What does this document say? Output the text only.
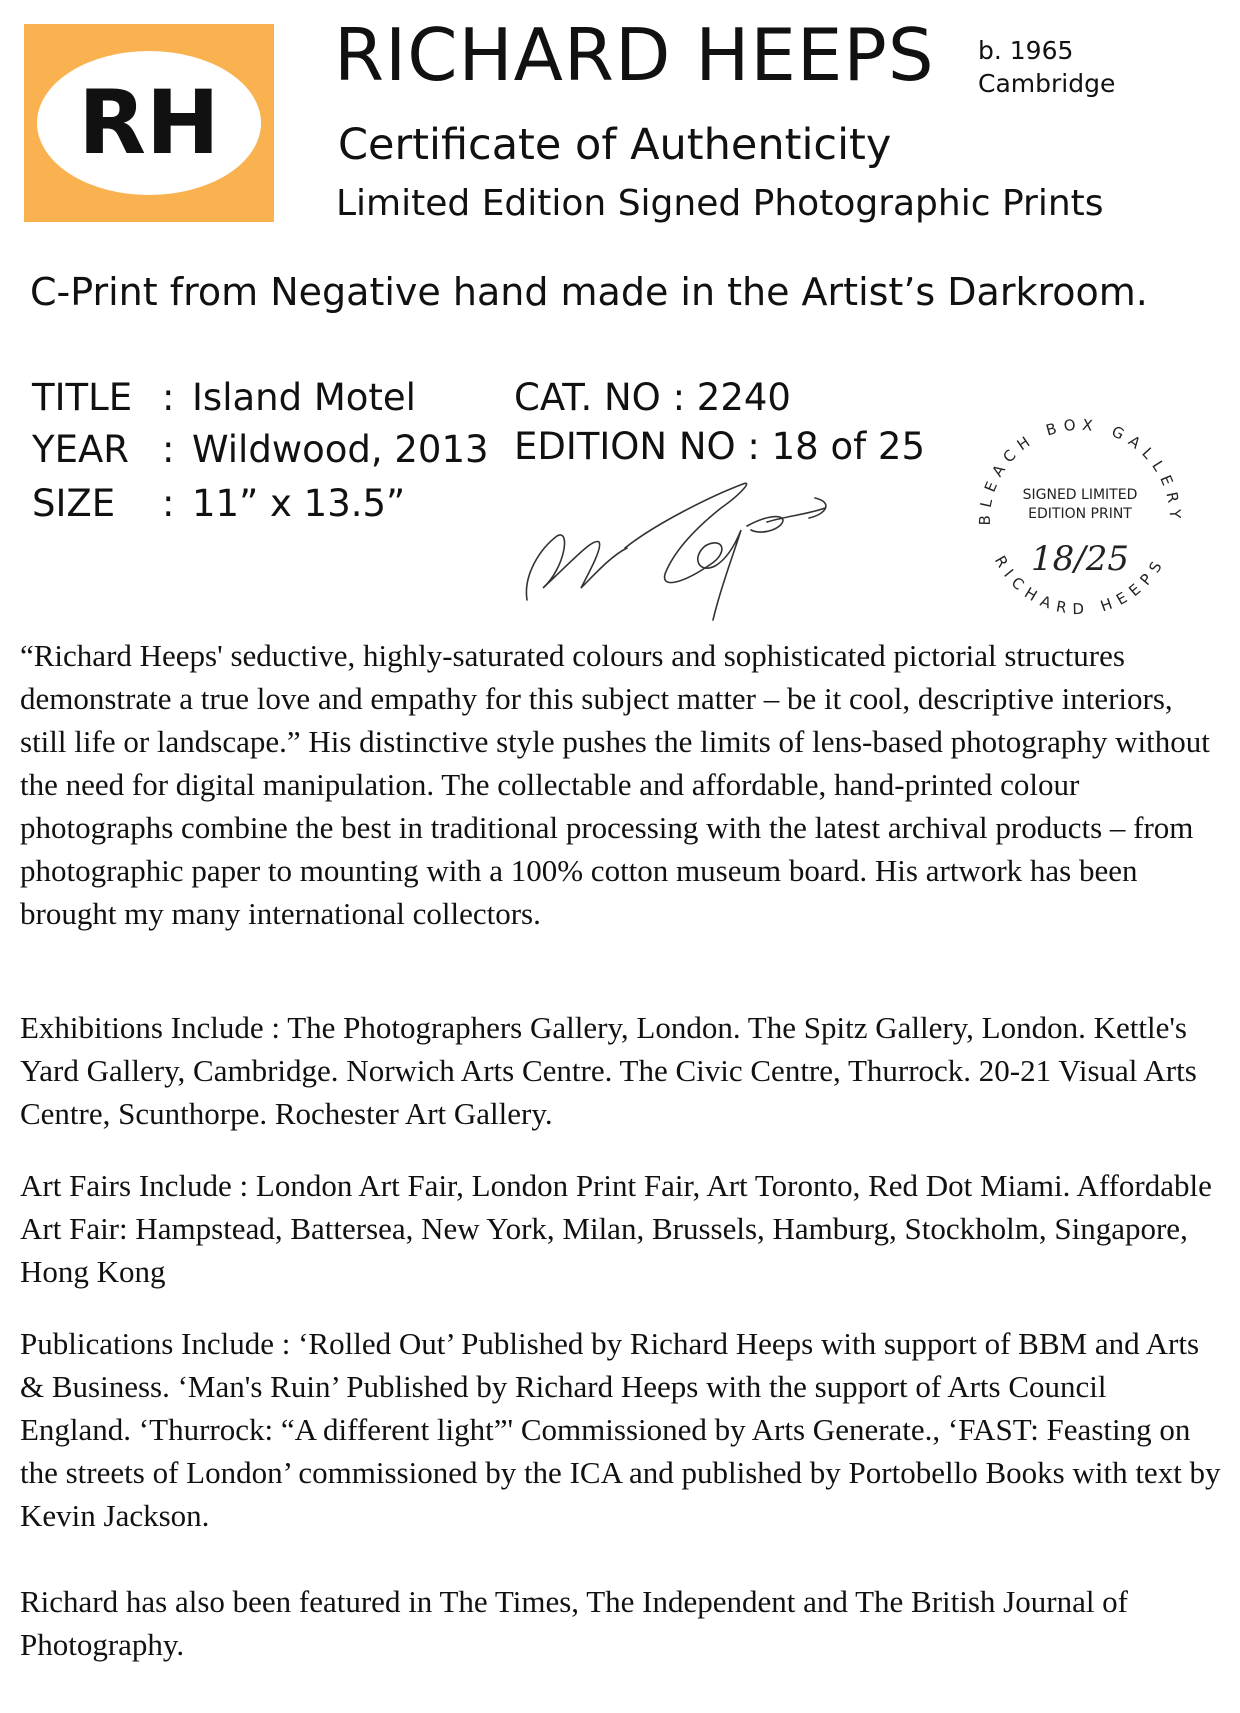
RH
RICHARD HEEPS b. 1965
Cambridge
Certificate of Authenticity
Limited Edition Signed Photographic Prints
C-Print from Negative hand made in the Artist’s Darkroom.
TITLE : Island Motel
YEAR : Wildwood, 2013
SIZE : 11” x 13.5”
CAT. NO : 2240
EDITION NO : 18 of 25
BLEACH BOX GALLERY
RICHARD HEEPS
SIGNED LIMITED
EDITION PRINT
18/25

“Richard Heeps' seductive, highly-saturated colours and sophisticated pictorial structures demonstrate a true love and empathy for this subject matter – be it cool, descriptive interiors, still life or landscape.” His distinctive style pushes the limits of lens-based photography without the need for digital manipulation. The collectable and affordable, hand-printed colour photographs combine the best in traditional processing with the latest archival products – from photographic paper to mounting with a 100% cotton museum board. His artwork has been brought my many international collectors.

Exhibitions Include : The Photographers Gallery, London. The Spitz Gallery, London. Kettle's Yard Gallery, Cambridge. Norwich Arts Centre. The Civic Centre, Thurrock. 20-21 Visual Arts Centre, Scunthorpe. Rochester Art Gallery.

Art Fairs Include : London Art Fair, London Print Fair, Art Toronto, Red Dot Miami. Affordable Art Fair: Hampstead, Battersea, New York, Milan, Brussels, Hamburg, Stockholm, Singapore, Hong Kong

Publications Include : ‘Rolled Out’ Published by Richard Heeps with support of BBM and Arts & Business. ‘Man's Ruin’ Published by Richard Heeps with the support of Arts Council England. ‘Thurrock: “A different light”' Commissioned by Arts Generate., ‘FAST: Feasting on the streets of London’ commissioned by the ICA and published by Portobello Books with text by Kevin Jackson.

Richard has also been featured in The Times, The Independent and The British Journal of Photography.
